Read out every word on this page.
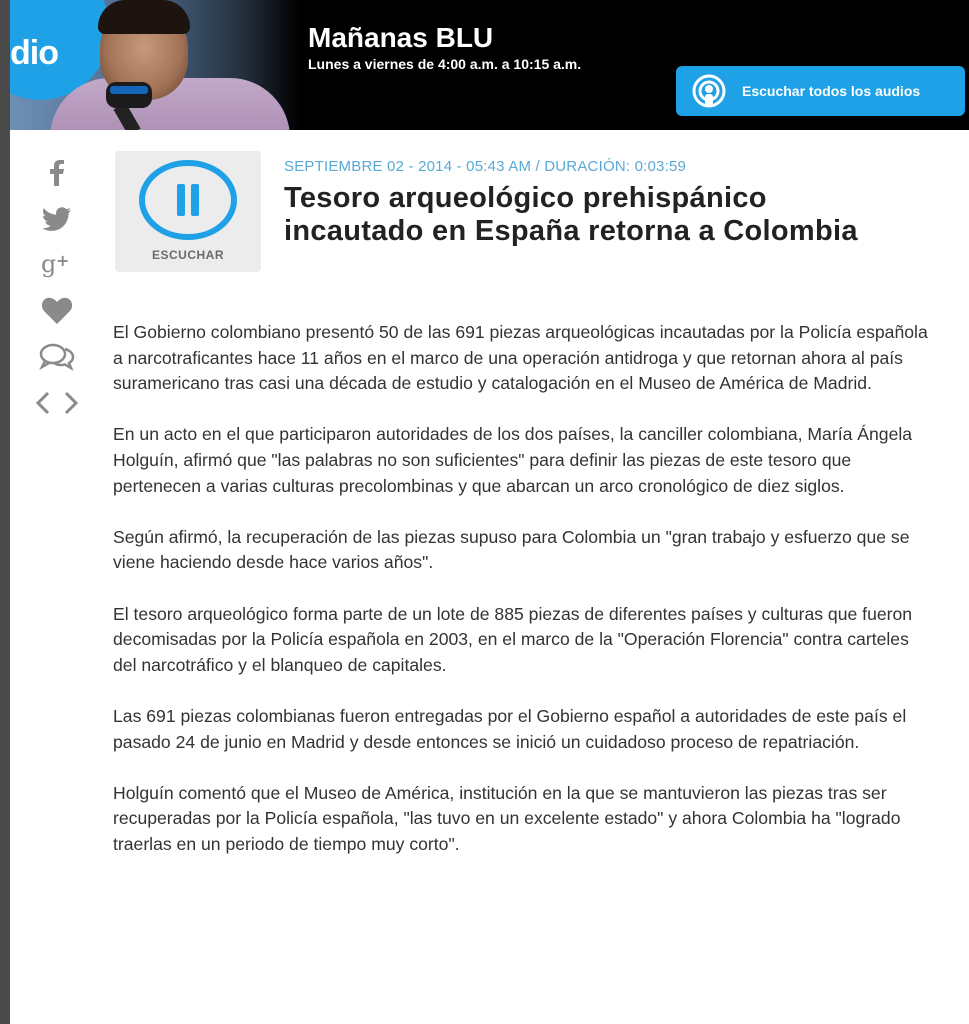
dio	Mañanas BLU
Lunes a viernes de 4:00 a.m. a 10:15 a.m.
Escuchar todos los audios
g +	ESCUCHAR
SEPTIEMBRE 02 - 2014 - 05:43 AM / DURACIÓN: 0:03:59
Tesoro arqueológico prehispánico incautado en España retorna a Colombia

El Gobierno colombiano presentó 50 de las 691 piezas arqueológicas incautadas por la Policía española a narcotraficantes hace 11 años en el marco de una operación antidroga y que retornan ahora al país suramericano tras casi una década de estudio y catalogación en el Museo de América de Madrid.

En un acto en el que participaron autoridades de los dos países, la canciller colombiana, María Ángela Holguín, afirmó que "las palabras no son suficientes" para definir las piezas de este tesoro que pertenecen a varias culturas precolombinas y que abarcan un arco cronológico de diez siglos.

Según afirmó, la recuperación de las piezas supuso para Colombia un "gran trabajo y esfuerzo que se viene haciendo desde hace varios años".

El tesoro arqueológico forma parte de un lote de 885 piezas de diferentes países y culturas que fueron decomisadas por la Policía española en 2003, en el marco de la "Operación Florencia" contra carteles del narcotráfico y el blanqueo de capitales.

Las 691 piezas colombianas fueron entregadas por el Gobierno español a autoridades de este país el pasado 24 de junio en Madrid y desde entonces se inició un cuidadoso proceso de repatriación.

Holguín comentó que el Museo de América, institución en la que se mantuvieron las piezas tras ser recuperadas por la Policía española, "las tuvo en un excelente estado" y ahora Colombia ha "logrado traerlas en un periodo de tiempo muy corto".
